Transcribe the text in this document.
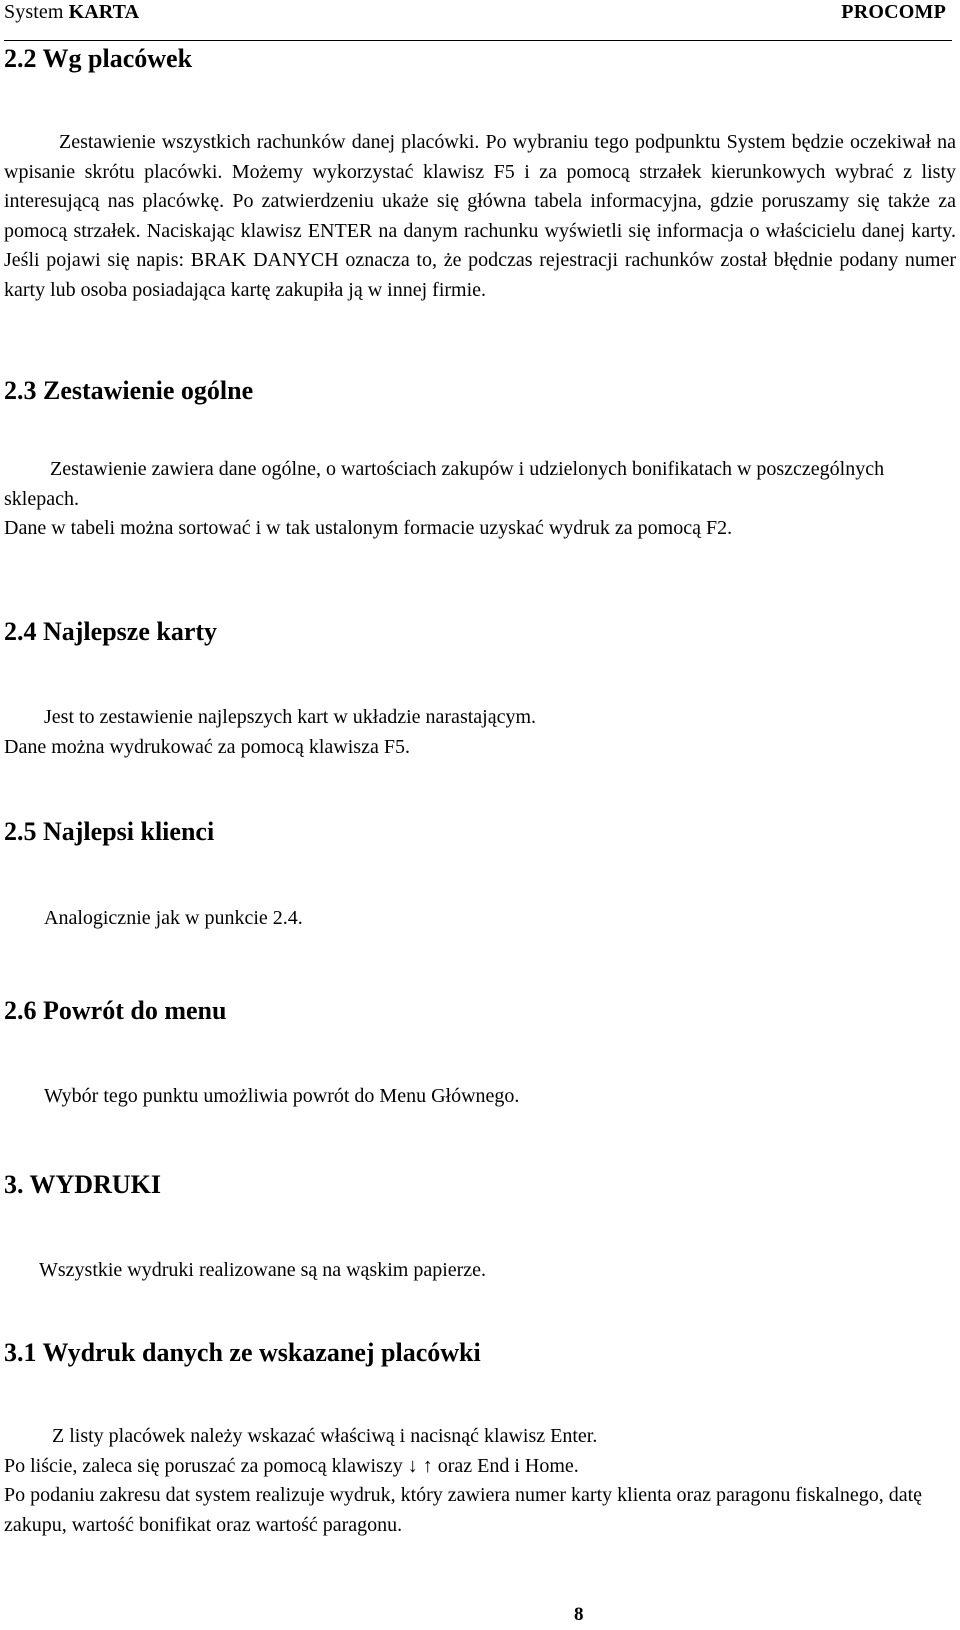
System KARTA	PROCOMP
2.2 Wg placówek

Zestawienie wszystkich rachunków danej placówki. Po wybraniu tego podpunktu System będzie oczekiwał na wpisanie skrótu placówki. Możemy wykorzystać klawisz F5 i za pomocą strzałek kierunkowych wybrać z listy interesującą nas placówkę. Po zatwierdzeniu ukaże się główna tabela informacyjna, gdzie poruszamy się także za pomocą strzałek. Naciskając klawisz ENTER na danym rachunku wyświetli się informacja o właścicielu danej karty. Jeśli pojawi się napis: BRAK DANYCH oznacza to, że podczas rejestracji rachunków został błędnie podany numer karty lub osoba posiadająca kartę zakupiła ją w innej firmie.

2.3 Zestawienie ogólne

Zestawienie zawiera dane ogólne, o wartościach zakupów i udzielonych bonifikatach w poszczególnych sklepach.

Dane w tabeli można sortować i w tak ustalonym formacie uzyskać wydruk za pomocą F2.

2.4 Najlepsze karty

Jest to zestawienie najlepszych kart w układzie narastającym.

Dane można wydrukować za pomocą klawisza F5.

2.5 Najlepsi klienci

Analogicznie jak w punkcie 2.4.

2.6 Powrót do menu

Wybór tego punktu umożliwia powrót do Menu Głównego.

3. WYDRUKI

Wszystkie wydruki realizowane są na wąskim papierze.

3.1 Wydruk danych ze wskazanej placówki

Z listy placówek należy wskazać właściwą i nacisnąć klawisz Enter.

Po liście, zaleca się poruszać za pomocą klawiszy ↓ ↑ oraz End i Home.

Po podaniu zakresu dat system realizuje wydruk, który zawiera numer karty klienta oraz paragonu fiskalnego, datę zakupu, wartość bonifikat oraz wartość paragonu.

8
